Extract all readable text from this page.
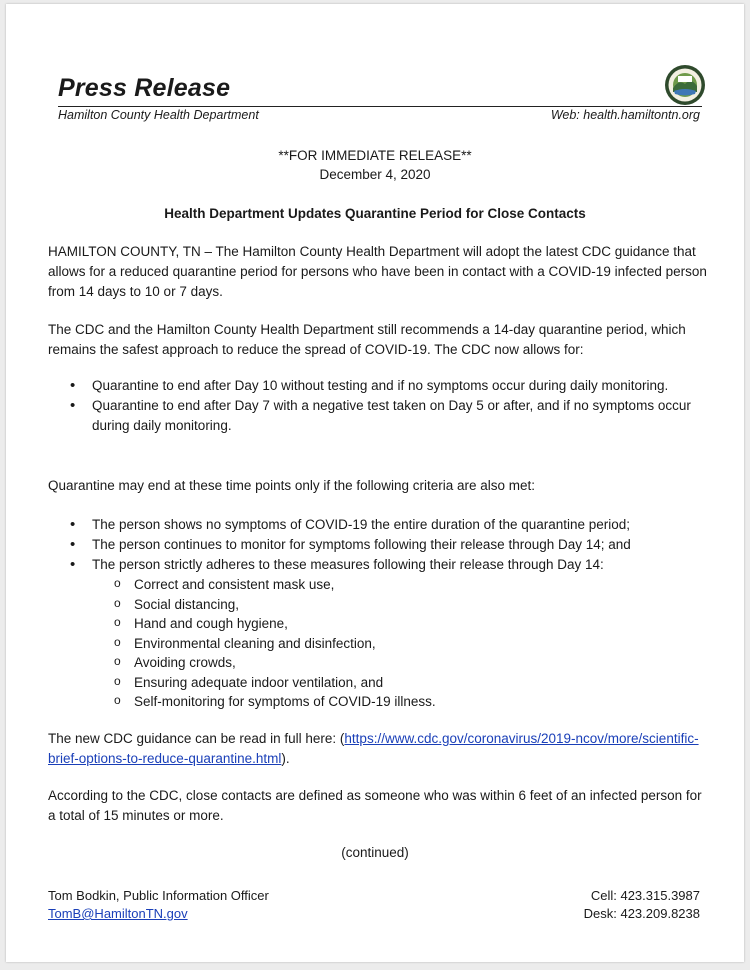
Press Release
Hamilton County Health Department	Web: health.hamiltontn.org
**FOR IMMEDIATE RELEASE**
December 4, 2020
Health Department Updates Quarantine Period for Close Contacts
HAMILTON COUNTY, TN – The Hamilton County Health Department will adopt the latest CDC guidance that allows for a reduced quarantine period for persons who have been in contact with a COVID-19 infected person from 14 days to 10 or 7 days.
The CDC and the Hamilton County Health Department still recommends a 14-day quarantine period, which remains the safest approach to reduce the spread of COVID-19. The CDC now allows for:
• Quarantine to end after Day 10 without testing and if no symptoms occur during daily monitoring.
• Quarantine to end after Day 7 with a negative test taken on Day 5 or after, and if no symptoms occur during daily monitoring.
Quarantine may end at these time points only if the following criteria are also met:
• The person shows no symptoms of COVID-19 the entire duration of the quarantine period;
• The person continues to monitor for symptoms following their release through Day 14; and
• The person strictly adheres to these measures following their release through Day 14:
o Correct and consistent mask use,
o Social distancing,
o Hand and cough hygiene,
o Environmental cleaning and disinfection,
o Avoiding crowds,
o Ensuring adequate indoor ventilation, and
o Self-monitoring for symptoms of COVID-19 illness.
The new CDC guidance can be read in full here: (https://www.cdc.gov/coronavirus/2019-ncov/more/scientific-brief-options-to-reduce-quarantine.html).
According to the CDC, close contacts are defined as someone who was within 6 feet of an infected person for a total of 15 minutes or more.
(continued)
Tom Bodkin, Public Information Officer
TomB@HamiltonTN.gov
Cell: 423.315.3987
Desk: 423.209.8238
